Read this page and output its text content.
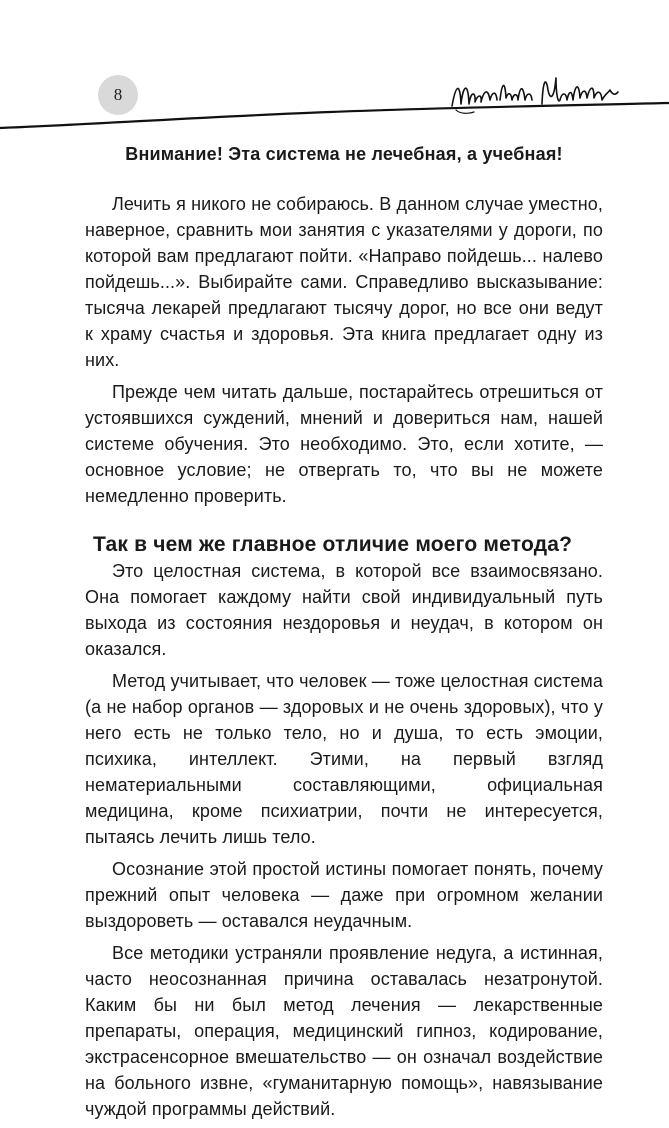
8
Внимание! Эта система не лечебная, а учебная!

Лечить я никого не собираюсь. В данном случае уместно, наверное, сравнить мои занятия с указателями у дороги, по которой вам предлагают пойти. «Направо пойдешь... налево пойдешь...». Выбирайте сами. Справедливо высказывание: тысяча лекарей предлагают тысячу дорог, но все они ведут к храму счастья и здоровья. Эта книга предлагает одну из них.

Прежде чем читать дальше, постарайтесь отрешиться от устоявшихся суждений, мнений и довериться нам, нашей системе обучения. Это необходимо. Это, если хотите, — основное условие; не отвергать то, что вы не можете немедленно проверить.

Так в чем же главное отличие моего метода?

Это целостная система, в которой все взаимосвязано. Она помогает каждому найти свой индивидуальный путь выхода из состояния нездоровья и неудач, в котором он оказался.

Метод учитывает, что человек — тоже целостная система (а не набор органов — здоровых и не очень здоровых), что у него есть не только тело, но и душа, то есть эмоции, психика, интеллект. Этими, на первый взгляд нематериальными составляющими, официальная медицина, кроме психиатрии, почти не интересуется, пытаясь лечить лишь тело.

Осознание этой простой истины помогает понять, почему прежний опыт человека — даже при огромном желании выздороветь — оставался неудачным.

Все методики устраняли проявление недуга, а истинная, часто неосознанная причина оставалась незатронутой. Каким бы ни был метод лечения — лекарственные препараты, операция, медицинский гипноз, кодирование, экстрасенсорное вмешательство — он означал воздействие на больного извне, «гуманитарную помощь», навязывание чуждой программы действий.
